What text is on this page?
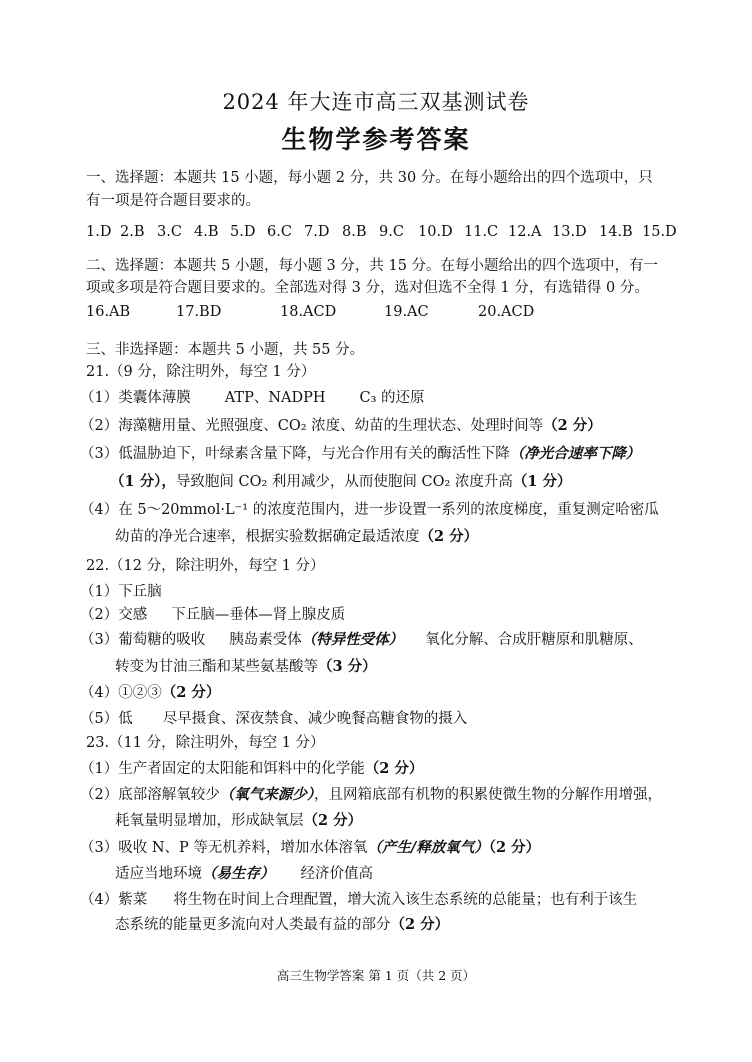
2024 年大连市高三双基测试卷
生物学参考答案
一、选择题：本题共 15 小题，每小题 2 分，共 30 分。在每小题给出的四个选项中，只
有一项是符合题目要求的。
1.D 2.B 3.C 4.B 5.D 6.C 7.D 8.B 9.C 10.D 11.C 12.A 13.D 14.B 15.D
二、选择题：本题共 5 小题，每小题 3 分，共 15 分。在每小题给出的四个选项中，有一
项或多项是符合题目要求的。全部选对得 3 分，选对但选不全得 1 分，有选错得 0 分。
16.AB	17.BD	18.ACD	19.AC	20.ACD
三、非选择题：本题共 5 小题，共 55 分。
21.（9 分，除注明外，每空 1 分）
（1）类囊体薄膜 ATP、NADPH C₃ 的还原
（2）海藻糖用量、光照强度、CO₂ 浓度、幼苗的生理状态、处理时间等（2 分）
（3）低温胁迫下，叶绿素含量下降，与光合作用有关的酶活性下降（净光合速率下降）
（1 分），导致胞间 CO₂ 利用减少，从而使胞间 CO₂ 浓度升高（1 分）
（4）在 5～20mmol·L⁻¹ 的浓度范围内，进一步设置一系列的浓度梯度，重复测定哈密瓜
幼苗的净光合速率，根据实验数据确定最适浓度（2 分）
22.（12 分，除注明外，每空 1 分）
（1）下丘脑
（2）交感 下丘脑—垂体—肾上腺皮质
（3）葡萄糖的吸收 胰岛素受体（特异性受体） 氧化分解、合成肝糖原和肌糖原、
转变为甘油三酯和某些氨基酸等（3 分）
（4）①②③（2 分）
（5）低 尽早摄食、深夜禁食、减少晚餐高糖食物的摄入
23.（11 分，除注明外，每空 1 分）
（1）生产者固定的太阳能和饵料中的化学能（2 分）
（2）底部溶解氧较少（氧气来源少），且网箱底部有机物的积累使微生物的分解作用增强，
耗氧量明显增加，形成缺氧层（2 分）
（3）吸收 N、P 等无机养料，增加水体溶氧（产生/释放氧气）（2 分）
适应当地环境（易生存） 经济价值高
（4）紫菜 将生物在时间上合理配置，增大流入该生态系统的总能量；也有利于该生
态系统的能量更多流向对人类最有益的部分（2 分）
高三生物学答案 第 1 页（共 2 页）
